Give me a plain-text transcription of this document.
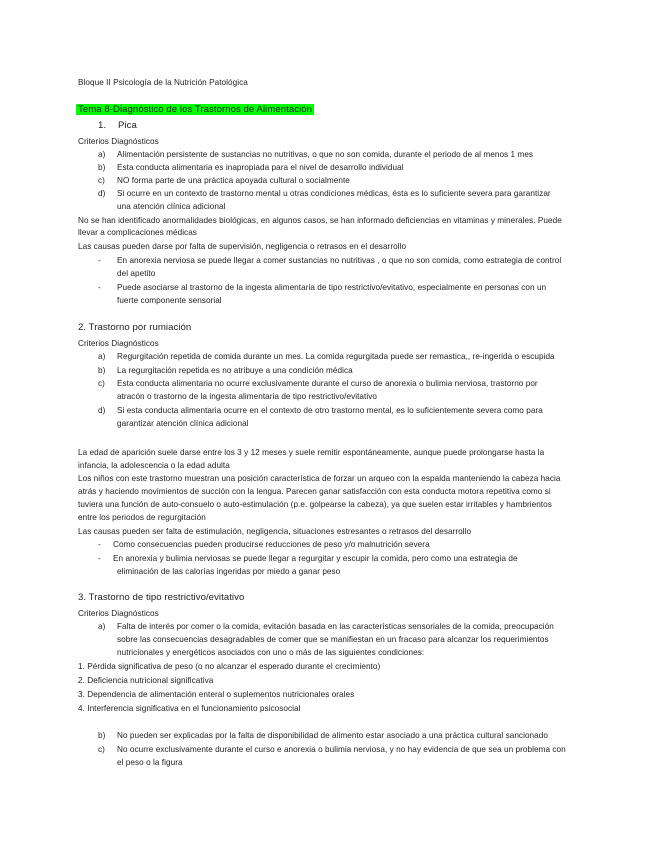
Bloque II Psicología de la Nutrición Patológica
Tema 8-Diagnóstico de los Trastornos de Alimentación
1. Pica
Criterios Diagnósticos
a) Alimentación persistente de sustancias no nutritivas, o que no son comida, durante el periodo de al menos 1 mes
b) Esta conducta alimentaria es inapropiada para el nivel de desarrollo individual
c) NO forma parte de una práctica apoyada cultural o socialmente
d) Si ocurre en un contexto de trastorno mental u otras condiciones médicas, ésta es lo suficiente severa para garantizar
una atención clínica adicional
No se han identificado anormalidades biológicas, en algunos casos, se han informado deficiencias en vitaminas y minerales. Puede
llevar a complicaciones médicas
Las causas pueden darse por falta de supervisión, negligencia o retrasos en el desarrollo
- En anorexia nerviosa se puede llegar a comer sustancias no nutritivas , o que no son comida, como estrategia de control
del apetito
- Puede asociarse al trastorno de la ingesta alimentaria de tipo restrictivo/evitativo, especialmente en personas con un
fuerte componente sensorial
2. Trastorno por rumiación
Criterios Diagnósticos
a) Regurgitación repetida de comida durante un mes. La comida regurgitada puede ser remastica,, re-ingerida o escupida
b) La regurgitación repetida es no atribuye a una condición médica
c) Esta conducta alimentaria no ocurre exclusivamente durante el curso de anorexia o bulimia nerviosa, trastorno por
atracón o trastorno de la ingesta alimentaria de tipo restrictivo/evitativo
d) Si esta conducta alimentaria ocurre en el contexto de otro trastorno mental, es lo suficientemente severa como para
garantizar atención clínica adicional
La edad de aparición suele darse entre los 3 y 12 meses y suele remitir espontáneamente, aunque puede prolongarse hasta la
infancia, la adolescencia o la edad adulta
Los niños con este trastorno muestran una posición característica de forzar un arqueo con la espalda manteniendo la cabeza hacia
atrás y haciendo movimientos de succión con la lengua. Parecen ganar satisfacción con esta conducta motora repetitiva como si
tuviera una función de auto-consuelo o auto-estimulación (p.e. golpearse la cabeza), ya que suelen estar irritables y hambrientos
entre los periodos de regurgitación
Las causas pueden ser falta de estimulación, negligencia, situaciones estresantes o retrasos del desarrollo
- Como consecuencias pueden producirse reducciones de peso y/o malnutrición severa
- En anorexia y bulimia nerviosas se puede llegar a regurgitar y escupir la comida, pero como una estrategia de
eliminación de las calorías ingeridas por miedo a ganar peso
3. Trastorno de tipo restrictivo/evitativo
Criterios Diagnósticos
a) Falta de interés por comer o la comida, evitación basada en las características sensoriales de la comida, preocupación
sobre las consecuencias desagradables de comer que se manifiestan en un fracaso para alcanzar los requerimientos
nutricionales y energéticos asociados con uno o más de las siguientes condiciones:
1. Pérdida significativa de peso (o no alcanzar el esperado durante el crecimiento)
2. Deficiencia nutricional significativa
3. Dependencia de alimentación enteral o suplementos nutricionales orales
4. Interferencia significativa en el funcionamiento psicosocial
b) No pueden ser explicadas por la falta de disponibilidad de alimento estar asociado a una práctica cultural sancionado
c) No ocurre exclusivamente durante el curso e anorexia o bulimia nerviosa, y no hay evidencia de que sea un problema con
el peso o la figura
